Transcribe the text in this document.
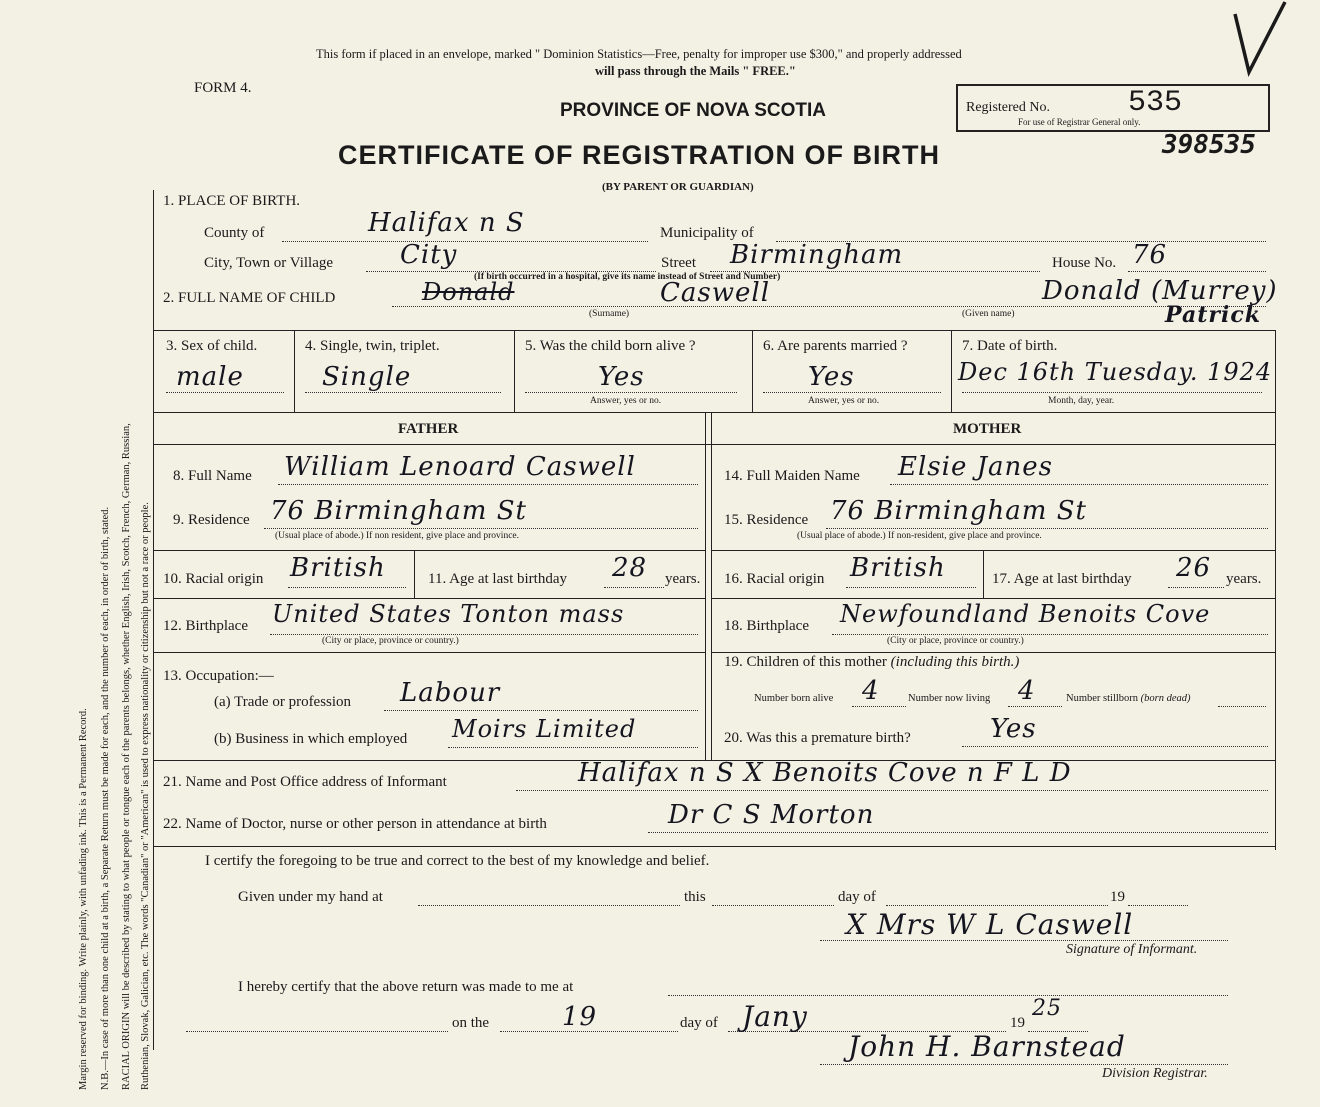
Margin reserved for binding. Write plainly, with unfading ink. This is a Permanent Record. N.B.—In case of more than one child at a birth, a Separate Return must be made for each, and the number of each, in order of birth, stated. RACIAL ORIGIN will be described by stating to what people or tongue each of the parents belongs, whether English, Irish, Scotch, French, German, Russian, Ruthenian, Slovak, Galician, etc. The words "Canadian" or "American" is used to express nationality or citizenship but not a race or people.
This form if placed in an envelope, marked " Dominion Statistics—Free, penalty for improper use $300," and properly addressed
will pass through the Mails " FREE."
FORM 4.
PROVINCE OF NOVA SCOTIA
CERTIFICATE OF REGISTRATION OF BIRTH
(BY PARENT OR GUARDIAN)
Registered No.	535
For use of Registrar General only.
398535
1. PLACE OF BIRTH.
County of	Halifax n S	Municipality of
City, Town or Village	City	Street Birmingham	House No. 76
(If birth occurred in a hospital, give its name instead of Street and Number)
2. FULL NAME OF CHILD	Donald	Caswell
(Surname)
Donald (Murrey)
Patrick
(Given name)
3. Sex of child.
male
4. Single, twin, triplet.
Single
5. Was the child born alive ?
Yes
Answer, yes or no.
6. Are parents married ?
Yes
Answer, yes or no.
7. Date of birth.
Dec 16th Tuesday. 1924
Month, day, year.
FATHER	MOTHER
8. Full Name William Lenoard Caswell
9. Residence 76 Birmingham St
(Usual place of abode.) If non resident, give place and province.
10. Racial origin British	11. Age at last birthday 28 years.
12. Birthplace United States Tonton mass
(City or place, province or country.)
13. Occupation:—
(a) Trade or profession Labour
(b) Business in which employed Moirs Limited
14. Full Maiden Name Elsie Janes
15. Residence 76 Birmingham St
(Usual place of abode.) If non-resident, give place and province.
16. Racial origin British	17. Age at last birthday 26 years.
18. Birthplace Newfoundland Benoits Cove
(City or place, province or country.)
19. Children of this mother (including this birth.)
Number born alive 4	Number now living 4	Number stillborn (born dead)
20. Was this a premature birth?	Yes
21. Name and Post Office address of Informant	Halifax n S X Benoits Cove n F L D
22. Name of Doctor, nurse or other person in attendance at birth	Dr C S Morton
I certify the foregoing to be true and correct to the best of my knowledge and belief.
Given under my hand at	this	day of	19
X Mrs W L Caswell
Signature of Informant.
I hereby certify that the above return was made to me at
on the	19	day of Jany	19
25
John H. Barnstead
Division Registrar.
